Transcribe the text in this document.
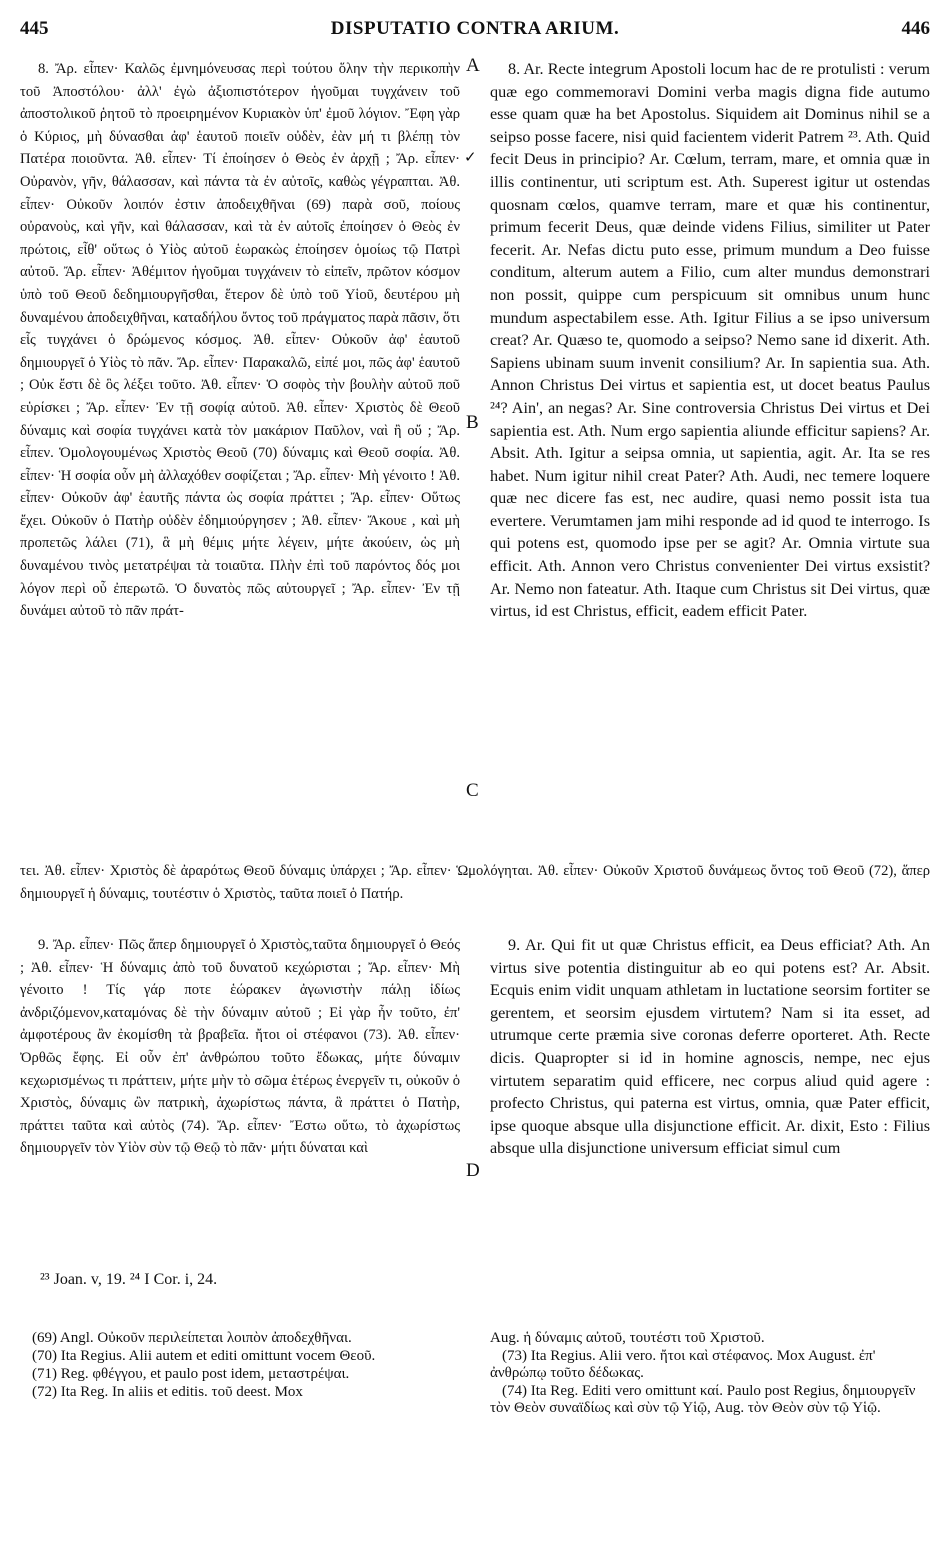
445	DISPUTATIO CONTRA ARIUM.	446

8. Ἄρ. εἶπεν· Καλῶς ἐμνημόνευσας περὶ τούτου ὅλην τὴν περικοπὴν τοῦ Ἀποστόλου· ἀλλ' ἐγὼ ἀξιοπιστότερον ἡγοῦμαι τυγχάνειν τοῦ ἀποστολικοῦ ῥητοῦ τὸ προειρημένον Κυριακὸν ὑπ' ἐμοῦ λόγιον. Ἔφη γὰρ ὁ Κύριος, μὴ δύνασθαι ἀφ' ἑαυτοῦ ποιεῖν οὐδὲν, ἐὰν μή τι βλέπῃ τὸν Πατέρα ποιοῦντα. Ἀθ. εἶπεν· Τί ἐποίησεν ὁ Θεὸς ἐν ἀρχῇ ; Ἄρ. εἶπεν· Οὐρανὸν, γῆν, θάλασσαν, καὶ πάντα τὰ ἐν αὐτοῖς, καθὼς γέγραπται. Ἀθ. εἶπεν· Οὐκοῦν λοιπόν ἐστιν ἀποδειχθῆναι (69) παρὰ σοῦ, ποίους οὐρανοὺς, καὶ γῆν, καὶ θάλασσαν, καὶ τὰ ἐν αὐτοῖς ἐποίησεν ὁ Θεὸς ἐν πρώτοις, εἶθ' οὕτως ὁ Υἱὸς αὐτοῦ ἑωρακὼς ἐποίησεν ὁμοίως τῷ Πατρὶ αὐτοῦ. Ἄρ. εἶπεν· Ἀθέμιτον ἡγοῦμαι τυγχάνειν τὸ εἰπεῖν, πρῶτον κόσμον ὑπὸ τοῦ Θεοῦ δεδημιουργῆσθαι, ἕτερον δὲ ὑπὸ τοῦ Υἱοῦ, δευτέρου μὴ δυναμένου ἀποδειχθῆναι, καταδήλου ὄντος τοῦ πράγματος παρὰ πᾶσιν, ὅτι εἷς τυγχάνει ὁ δρώμενος κόσμος. Ἀθ. εἶπεν· Οὐκοῦν ἀφ' ἑαυτοῦ δημιουργεῖ ὁ Υἱὸς τὸ πᾶν. Ἄρ. εἶπεν· Παρακαλῶ, εἰπέ μοι, πῶς ἀφ' ἑαυτοῦ ; Οὐκ ἔστι δὲ ὃς λέξει τοῦτο. Ἀθ. εἶπεν· Ὁ σοφὸς τὴν βουλὴν αὐτοῦ ποῦ εὑρίσκει ; Ἄρ. εἶπεν· Ἐν τῇ σοφίᾳ αὐτοῦ. Ἀθ. εἶπεν· Χριστὸς δὲ Θεοῦ δύναμις καὶ σοφία τυγχάνει κατὰ τὸν μακάριον Παῦλον, ναὶ ἢ οὔ ; Ἄρ. εἶπεν. Ὁμολογουμένως Χριστὸς Θεοῦ (70) δύναμις καὶ Θεοῦ σοφία. Ἀθ. εἶπεν· Ἡ σοφία οὖν μὴ ἀλλαχόθεν σοφίζεται ; Ἄρ. εἶπεν· Μὴ γένοιτο ! Ἀθ. εἶπεν· Οὐκοῦν ἀφ' ἑαυτῆς πάντα ὡς σοφία πράττει ; Ἄρ. εἶπεν· Οὕτως ἔχει. Οὐκοῦν ὁ Πατὴρ οὐδὲν ἐδημιούργησεν ; Ἀθ. εἶπεν· Ἄκουε , καὶ μὴ προπετῶς λάλει (71), ἃ μὴ θέμις μήτε λέγειν, μήτε ἀκούειν, ὡς μὴ δυναμένου τινὸς μετατρέψαι τὰ τοιαῦτα. Πλὴν ἐπὶ τοῦ παρόντος δός μοι λόγον περὶ οὗ ἐπερωτῶ. Ὁ δυνατὸς πῶς αὐτουργεῖ ; Ἄρ. εἶπεν· Ἐν τῇ δυνάμει αὐτοῦ τὸ πᾶν πράτ-

8. Ar. Recte integrum Apostoli locum hac de re protulisti : verum quæ ego commemoravi Domini verba magis digna fide autumo esse quam quæ ha bet Apostolus. Siquidem ait Dominus nihil se a seipso posse facere, nisi quid facientem viderit Patrem ²³. Ath. Quid fecit Deus in principio? Ar. Cœlum, terram, mare, et omnia quæ in illis continentur, uti scriptum est. Ath. Superest igitur ut ostendas quosnam cœlos, quamve terram, mare et quæ his continentur, primum fecerit Deus, quæ deinde videns Filius, similiter ut Pater fecerit. Ar. Nefas dictu puto esse, primum mundum a Deo fuisse conditum, alterum autem a Filio, cum alter mundus demonstrari non possit, quippe cum perspicuum sit omnibus unum hunc mundum aspectabilem esse. Ath. Igitur Filius a se ipso universum creat? Ar. Quæso te, quomodo a seipso? Nemo sane id dixerit. Ath. Sapiens ubinam suum invenit consilium? Ar. In sapientia sua. Ath. Annon Christus Dei virtus et sapientia est, ut docet beatus Paulus ²⁴? Ain', an negas? Ar. Sine controversia Christus Dei virtus et Dei sapientia est. Ath. Num ergo sapientia aliunde efficitur sapiens? Ar. Absit. Ath. Igitur a seipsa omnia, ut sapientia, agit. Ar. Ita se res habet. Num igitur nihil creat Pater? Ath. Audi, nec temere loquere quæ nec dicere fas est, nec audire, quasi nemo possit ista tua evertere. Verumtamen jam mihi responde ad id quod te interrogo. Is qui potens est, quomodo ipse per se agit? Ar. Omnia virtute sua efficit. Ath. Annon vero Christus convenienter Dei virtus exsistit? Ar. Nemo non fateatur. Ath. Itaque cum Christus sit Dei virtus, quæ virtus, id est Christus, efficit, eadem efficit Pater.

A
✓
B
C

τει. Ἀθ. εἶπεν· Χριστὸς δὲ ἀραρότως Θεοῦ δύναμις ὑπάρχει ; Ἄρ. εἶπεν· Ὡμολόγηται. Ἀθ. εἶπεν· Οὐκοῦν Χριστοῦ δυνάμεως ὄντος τοῦ Θεοῦ (72), ἅπερ δημιουργεῖ ἡ δύναμις, τουτέστιν ὁ Χριστὸς, ταῦτα ποιεῖ ὁ Πατήρ.

9. Ἄρ. εἶπεν· Πῶς ἅπερ δημιουργεῖ ὁ Χριστὸς,ταῦτα δημιουργεῖ ὁ Θεός ; Ἀθ. εἶπεν· Ἡ δύναμις ἀπὸ τοῦ δυνατοῦ κεχώρισται ; Ἄρ. εἶπεν· Μὴ γένοιτο ! Τίς γάρ ποτε ἑώρακεν ἀγωνιστὴν πάλῃ ἰδίως ἀνδριζόμενον,καταμόνας δὲ τὴν δύναμιν αὐτοῦ ; Εἰ γὰρ ἦν τοῦτο, ἐπ' ἀμφοτέρους ἂν ἐκομίσθη τὰ βραβεῖα. ἤτοι οἱ στέφανοι (73). Ἀθ. εἶπεν· Ὀρθῶς ἔφης. Εἰ οὖν ἐπ' ἀνθρώπου τοῦτο ἔδωκας, μήτε δύναμιν κεχωρισμένως τι πράττειν, μήτε μὴν τὸ σῶμα ἑτέρως ἐνεργεῖν τι, οὐκοῦν ὁ Χριστὸς, δύναμις ὢν πατρικὴ, ἀχωρίστως πάντα, ἃ πράττει ὁ Πατὴρ, πράττει ταῦτα καὶ αὐτὸς (74). Ἄρ. εἶπεν· Ἔστω οὕτω, τὸ ἀχωρίστως δημιουργεῖν τὸν Υἱὸν σὺν τῷ Θεῷ τὸ πᾶν· μήτι δύναται καὶ

9. Ar. Qui fit ut quæ Christus efficit, ea Deus efficiat? Ath. An virtus sive potentia distinguitur ab eo qui potens est? Ar. Absit. Ecquis enim vidit unquam athletam in luctatione seorsim fortiter se gerentem, et seorsim ejusdem virtutem? Nam si ita esset, ad utrumque certe præmia sive coronas deferre oporteret. Ath. Recte dicis. Quapropter si id in homine agnoscis, nempe, nec ejus virtutem separatim quid efficere, nec corpus aliud quid agere : profecto Christus, qui paterna est virtus, omnia, quæ Pater efficit, ipse quoque absque ulla disjunctione efficit. Ar. dixit, Esto : Filius absque ulla disjunctione universum efficiat simul cum

D
²³ Joan. v, 19. ²⁴ I Cor. i, 24.

(69) Angl. Οὐκοῦν περιλείπεται λοιπὸν ἀποδεχθῆναι.

(70) Ita Regius. Alii autem et editi omittunt vocem Θεοῦ.

(71) Reg. φθέγγου, et paulo post idem, μεταστρέψαι.

(72) Ita Reg. In aliis et editis. τοῦ deest. Mox

Aug. ἡ δύναμις αὐτοῦ, τουτέστι τοῦ Χριστοῦ.

(73) Ita Regius. Alii vero. ἤτοι καὶ στέφανος. Mox August. ἐπ' ἀνθρώπῳ τοῦτο δέδωκας.

(74) Ita Reg. Editi vero omittunt καί. Paulo post Regius, δημιουργεῖν τὸν Θεὸν συναϊδίως καὶ σὺν τῷ Υἱῷ, Aug. τὸν Θεὸν σὺν τῷ Υἱῷ.
